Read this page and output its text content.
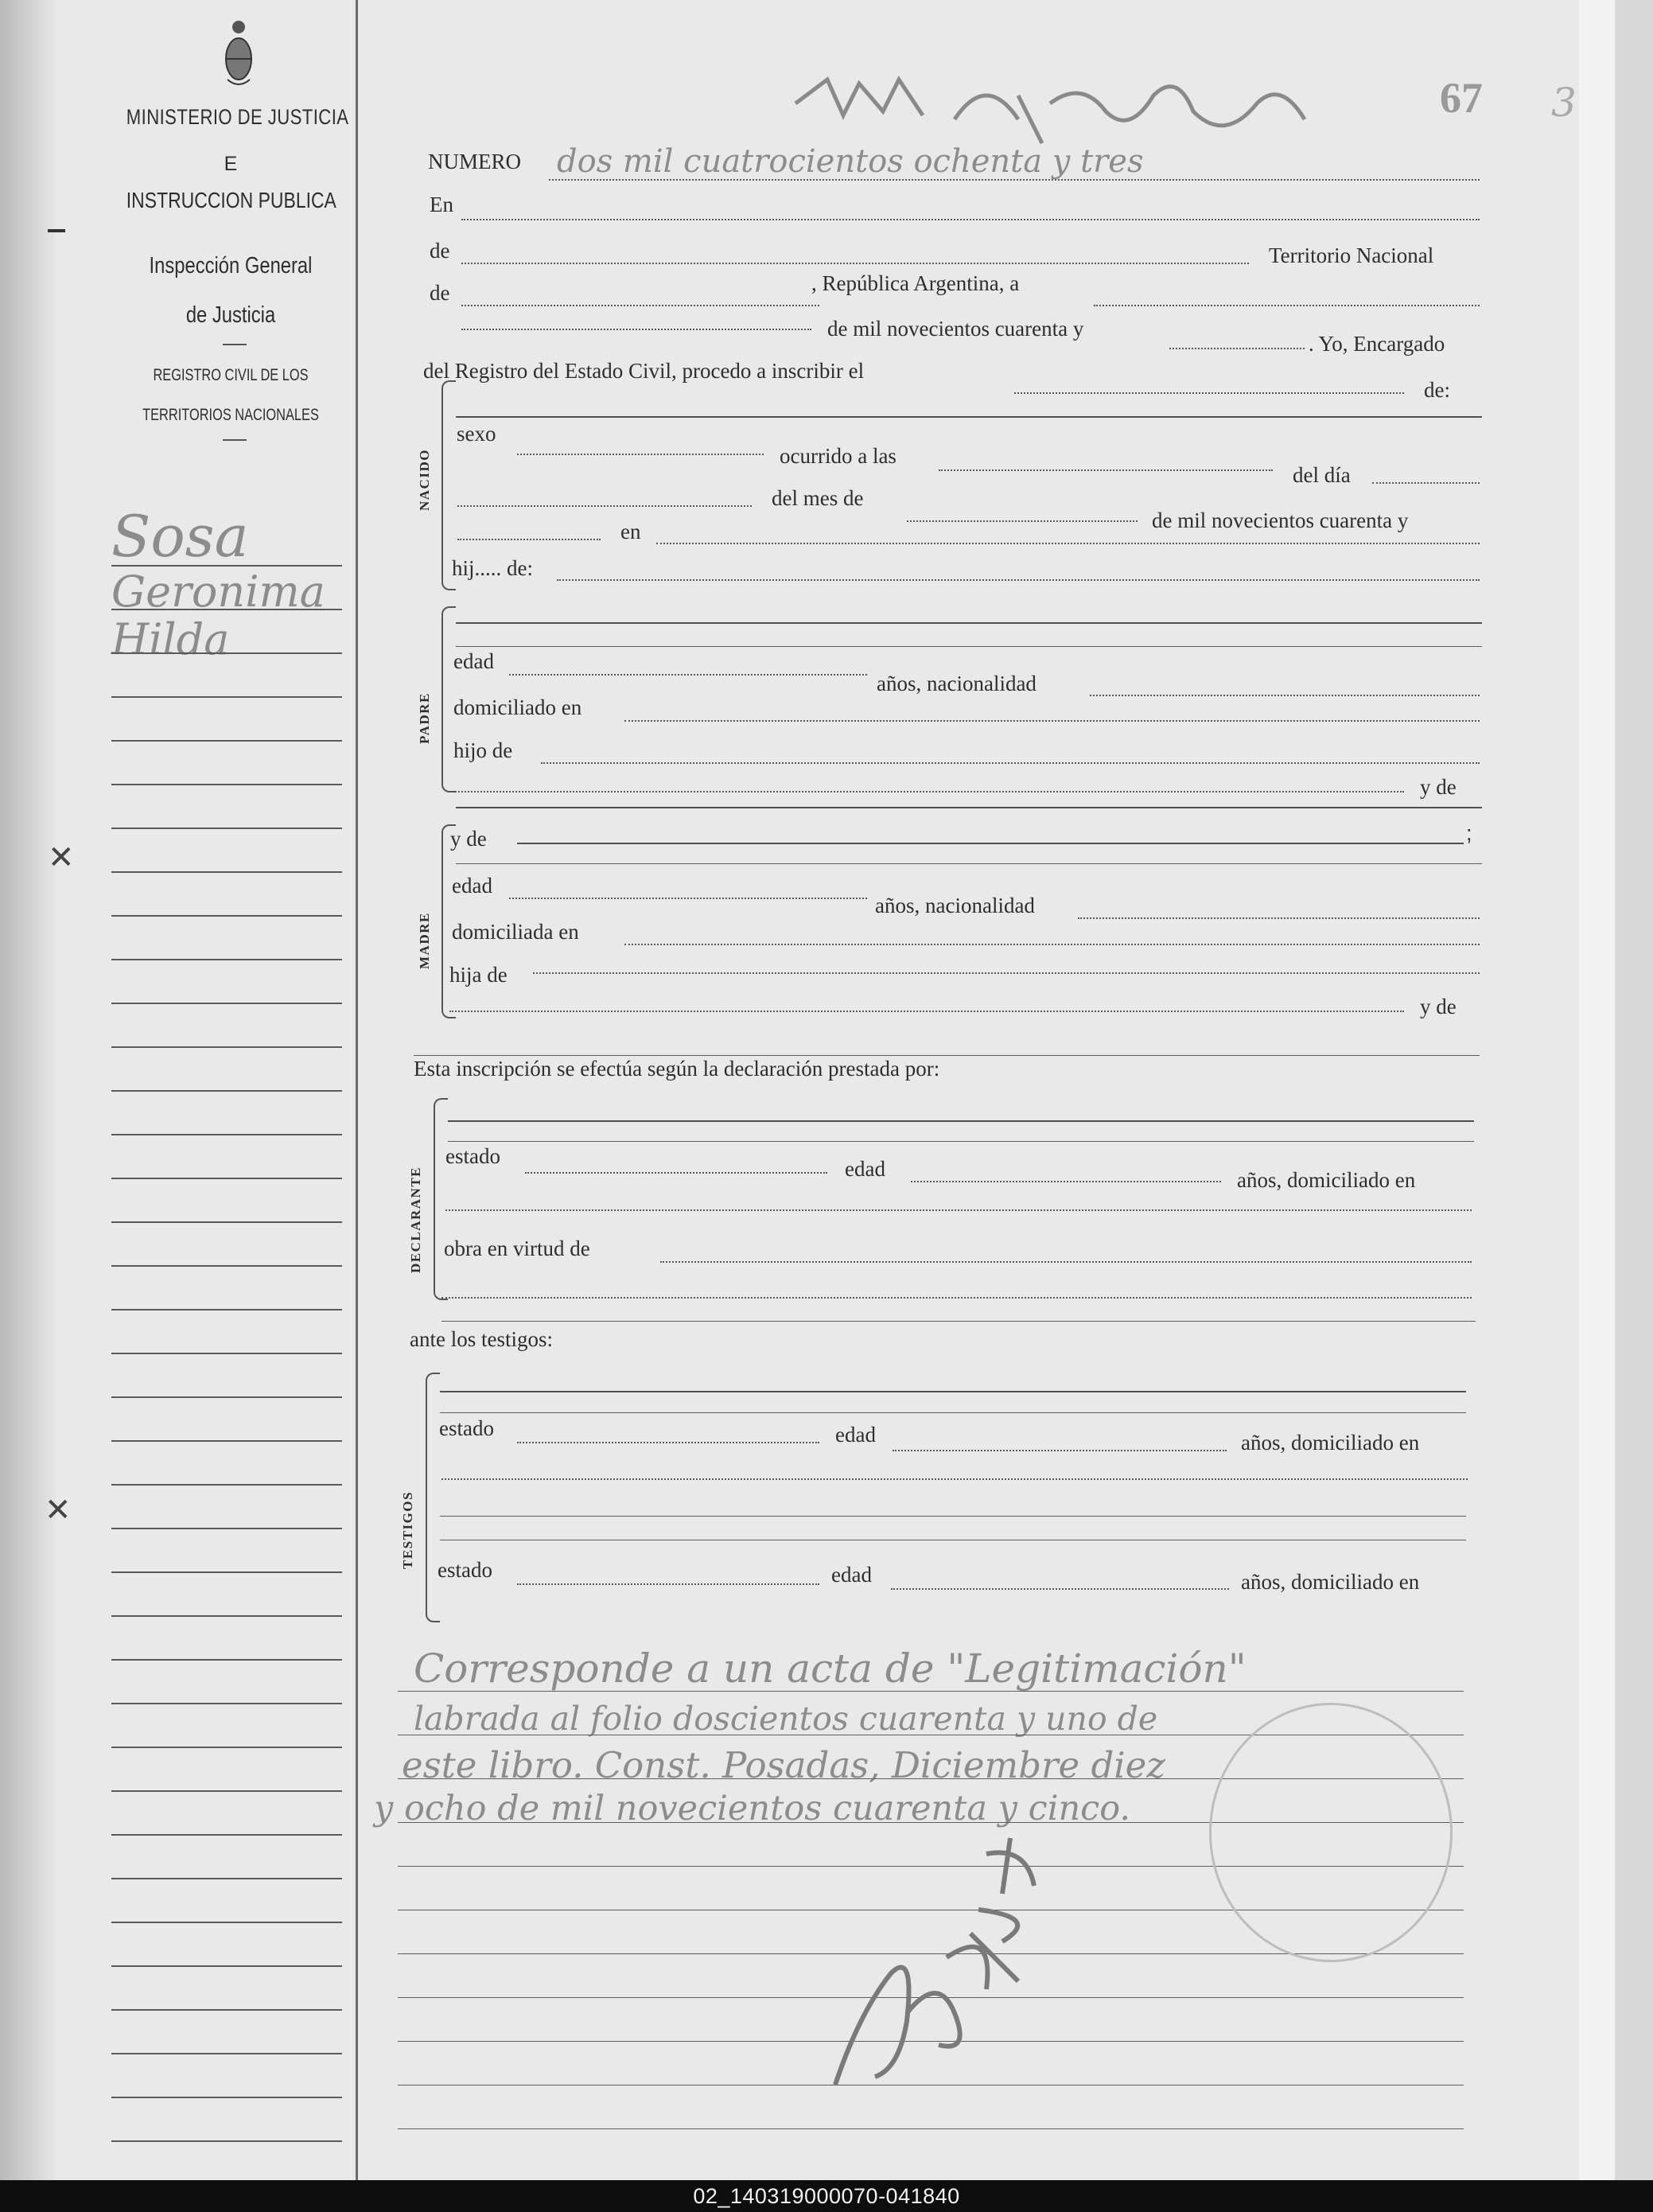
✕
✕
MINISTERIO DE JUSTICIA
E
INSTRUCCION PUBLICA
Inspección General
de Justicia
REGISTRO CIVIL DE LOS
TERRITORIOS NACIONALES
67 3
Sosa
Geronima
Hilda
NUMERO dos mil cuatrocientos ochenta y tres
En
de	Territorio Nacional
de	, República Argentina, a
de mil novecientos cuarenta y
. Yo, Encargado
del Registro del Estado Civil, procedo a inscribir el
de:
NACIDO
sexo
ocurrido a las
del día
del mes de
de mil novecientos cuarenta y
en
hij..... de:
PADRE
edad
años, nacionalidad
domiciliado en
hijo de
y de
MADRE
y de	;
edad
años, nacionalidad
domiciliada en
hija de
y de
Esta inscripción se efectúa según la declaración prestada por:
DECLARANTE
estado
edad	años, domiciliado en
obra en virtud de
ante los testigos:
TESTIGOS
estado	edad	años, domiciliado en
estado	edad	años, domiciliado en
Corresponde a un acta de "Legitimación"
labrada al folio doscientos cuarenta y uno de
este libro. Const. Posadas, Diciembre diez
y ocho de mil novecientos cuarenta y cinco.
02_140319000070-041840
